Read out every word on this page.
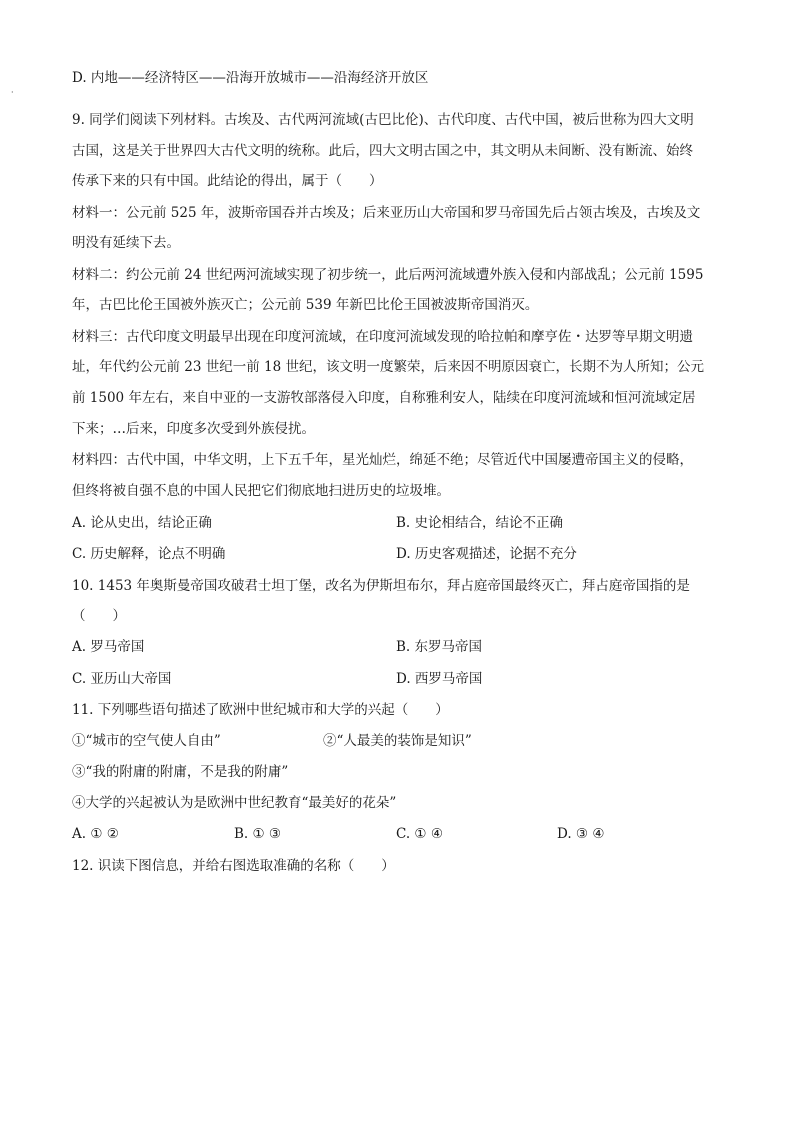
·
D. 内地——经济特区——沿海开放城市——沿海经济开放区
9. 同学们阅读下列材料。古埃及、古代两河流域(古巴比伦)、古代印度、古代中国，被后世称为四大文明
古国，这是关于世界四大古代文明的统称。此后，四大文明古国之中，其文明从未间断、没有断流、始终
传承下来的只有中国。此结论的得出，属于（　　）
材料一：公元前 525 年，波斯帝国吞并古埃及；后来亚历山大帝国和罗马帝国先后占领古埃及，古埃及文
明没有延续下去。
材料二：约公元前 24 世纪两河流域实现了初步统一，此后两河流域遭外族入侵和内部战乱；公元前 1595
年，古巴比伦王国被外族灭亡；公元前 539 年新巴比伦王国被波斯帝国消灭。
材料三：古代印度文明最早出现在印度河流域，在印度河流域发现的哈拉帕和摩亨佐・达罗等早期文明遗
址，年代约公元前 23 世纪一前 18 世纪，该文明一度繁荣，后来因不明原因衰亡，长期不为人所知；公元
前 1500 年左右，来自中亚的一支游牧部落侵入印度，自称雅利安人，陆续在印度河流域和恒河流域定居
下来；…后来，印度多次受到外族侵扰。
材料四：古代中国，中华文明，上下五千年，星光灿烂，绵延不绝；尽管近代中国屡遭帝国主义的侵略，
但终将被自强不息的中国人民把它们彻底地扫进历史的垃圾堆。
A. 论从史出，结论正确	B. 史论相结合，结论不正确
C. 历史解释，论点不明确	D. 历史客观描述，论据不充分
10. 1453 年奥斯曼帝国攻破君士坦丁堡，改名为伊斯坦布尔，拜占庭帝国最终灭亡，拜占庭帝国指的是
（　　）
A. 罗马帝国	B. 东罗马帝国
C. 亚历山大帝国	D. 西罗马帝国
11. 下列哪些语句描述了欧洲中世纪城市和大学的兴起（　　）
①“城市的空气使人自由”	②“人最美的装饰是知识”
③“我的附庸的附庸，不是我的附庸”
④大学的兴起被认为是欧洲中世纪教育“最美好的花朵”
A. ① ②	B. ① ③	C. ① ④	D. ③ ④
12. 识读下图信息，并给右图选取准确的名称（　　）
